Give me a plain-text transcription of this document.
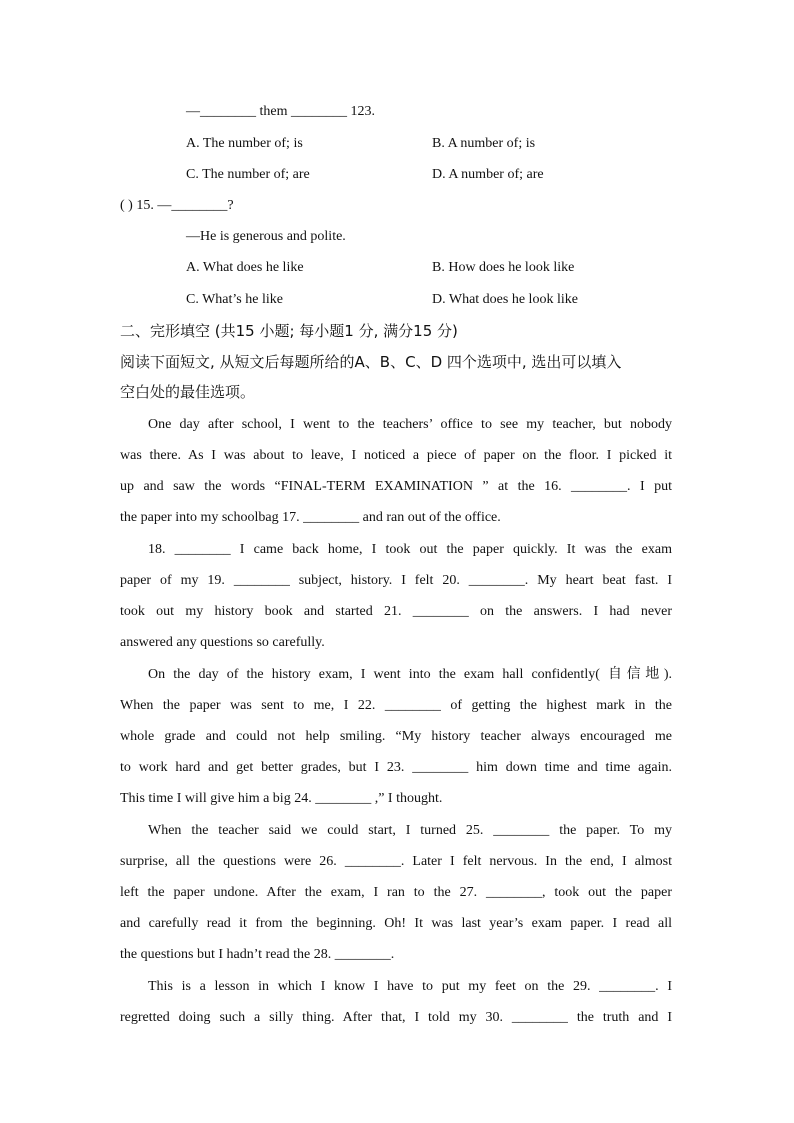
—________ them ________ 123.
A. The number of; is	B. A number of; is
C. The number of; are	D. A number of; are
( ) 15. —________?
—He is generous and polite.
A. What does he like	B. How does he look like
C. What’s he like	D. What does he look like
二、完形填空 (共15 小题; 每小题1 分, 满分15 分)
阅读下面短文, 从短文后每题所给的A、B、C、D 四个选项中, 选出可以填入
空白处的最佳选项。
One day after school, I went to the teachers’ office to see my teacher, but nobody
was there. As I was about to leave, I noticed a piece of paper on the floor. I picked it
up and saw the words “FINAL-TERM EXAMINATION ” at the 16. ________. I put
the paper into my schoolbag 17. ________ and ran out of the office.
18. ________ I came back home, I took out the paper quickly. It was the exam
paper of my 19. ________ subject, history. I felt 20. ________. My heart beat fast. I
took out my history book and started 21. ________ on the answers. I had never
answered any questions so carefully.
On the day of the history exam, I went into the exam hall confidently( 自信地).
When the paper was sent to me, I 22. ________ of getting the highest mark in the
whole grade and could not help smiling. “My history teacher always encouraged me
to work hard and get better grades, but I 23. ________ him down time and time again.
This time I will give him a big 24. ________ ,” I thought.
When the teacher said we could start, I turned 25. ________ the paper. To my
surprise, all the questions were 26. ________. Later I felt nervous. In the end, I almost
left the paper undone. After the exam, I ran to the 27. ________, took out the paper
and carefully read it from the beginning. Oh! It was last year’s exam paper. I read all
the questions but I hadn’t read the 28. ________.
This is a lesson in which I know I have to put my feet on the 29. ________. I
regretted doing such a silly thing. After that, I told my 30. ________ the truth and I
